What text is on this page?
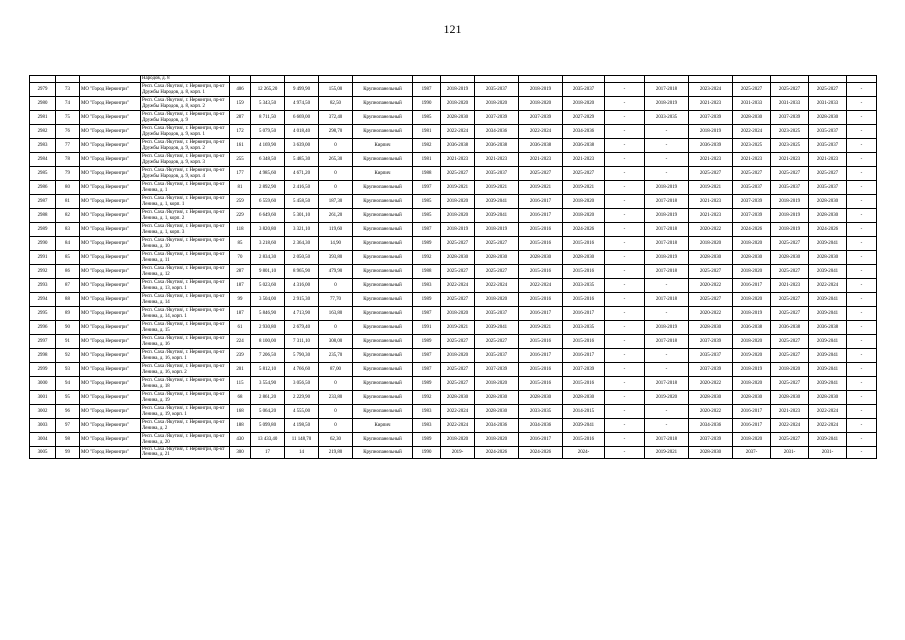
121
			Народов, д. 8																	
2979	73	МО "Город Нерюнгри"	Респ. Саха /Якутия/, г. Нерюнгри, пр-кт Дружбы Народов, д. 8, корп. 1	406	12 265,20	9 499,90	155,00	Крупнопанельный	1987	2018-2019	2035-2037	2018-2019	2035-2037	-	2017-2018	2023-2024	2025-2027	2025-2027	2025-2027	-
2980	74	МО "Город Нерюнгри"	Респ. Саха /Якутия/, г. Нерюнгри, пр-кт Дружбы Народов, д. 8, корп. 2	159	5 343,50	4 974,50	82,50	Крупнопанельный	1990	2018-2020	2018-2020	2018-2020	2018-2020	-	2018-2019	2021-2023	2031-2033	2031-2033	2031-2033	-
2981	75	МО "Город Нерюнгри"	Респ. Саха /Якутия/, г. Нерюнгри, пр-кт Дружбы Народов, д. 9	287	8 711,50	6 669,00	372,40	Крупнопанельный	1985	2028-2030	2037-2039	2037-2039	2027-2029	-	2033-2035	2037-2039	2028-2030	2037-2039	2028-2030	-
2982	76	МО "Город Нерюнгри"	Респ. Саха /Якутия/, г. Нерюнгри, пр-кт Дружбы Народов, д. 9, корп. 1	172	5 079,50	4 018,40	298,70	Крупнопанельный	1981	2022-2024	2034-2036	2022-2024	2034-2036	-	-	2018-2019	2022-2024	2023-2025	2035-2037	-
2983	77	МО "Город Нерюнгри"	Респ. Саха /Якутия/, г. Нерюнгри, пр-кт Дружбы Народов, д. 9, корп. 2	161	4 169,90	3 639,00	0	Кирпич	1982	2036-2038	2036-2038	2036-2038	2036-2038	-	-	2036-2039	2023-2025	2023-2025	2035-2037	-
2984	78	МО "Город Нерюнгри"	Респ. Саха /Якутия/, г. Нерюнгри, пр-кт Дружбы Народов, д. 9, корп. 3	255	6 348,50	5 485,30	265,30	Крупнопанельный	1981	2021-2023	2021-2023	2021-2023	2021-2023	-	-	2021-2023	2021-2023	2021-2023	2021-2023	-
2985	79	МО "Город Нерюнгри"	Респ. Саха /Якутия/, г. Нерюнгри, пр-кт Дружбы Народов, д. 9, корп. 4	177	4 985,60	4 671,20	0	Кирпич	1988	2025-2027	2035-2037	2025-2027	2025-2027	-	-	2025-2027	2025-2027	2025-2027	2025-2027	-
2986	80	МО "Город Нерюнгри"	Респ. Саха /Якутия/, г. Нерюнгри, пр-кт Ленина, д. 1	81	2 892,90	2 416,50	0	Крупнопанельный	1997	2019-2021	2019-2021	2019-2021	2019-2021	-	2018-2019	2019-2021	2035-2037	2035-2037	2035-2037	-
2987	81	МО "Город Нерюнгри"	Респ. Саха /Якутия/, г. Нерюнгри, пр-кт Ленина, д. 1, корп. 1	259	6 559,60	5 458,50	187,30	Крупнопанельный	1985	2018-2020	2039-2041	2016-2017	2018-2020	-	2017-2018	2021-2023	2037-2039	2018-2019	2028-2030	-
2988	82	МО "Город Нерюнгри"	Респ. Саха /Якутия/, г. Нерюнгри, пр-кт Ленина, д. 1, корп. 2	229	6 649,60	5 301,10	261,20	Крупнопанельный	1985	2018-2020	2039-2041	2016-2017	2018-2020	-	2018-2019	2021-2023	2037-2039	2018-2019	2028-2030	-
2989	83	МО "Город Нерюнгри"	Респ. Саха /Якутия/, г. Нерюнгри, пр-кт Ленина, д. 1, корп. 3	118	3 820,80	3 321,10	119,60	Крупнопанельный	1987	2018-2019	2018-2019	2015-2016	2024-2026	-	2017-2018	2020-2022	2024-2026	2018-2019	2024-2026	-
2990	84	МО "Город Нерюнгри"	Респ. Саха /Якутия/, г. Нерюнгри, пр-кт Ленина, д. 10	85	3 218,60	2 364,30	14,90	Крупнопанельный	1989	2025-2027	2025-2027	2015-2016	2015-2016	-	2017-2018	2018-2020	2018-2020	2025-2027	2039-2041	-
2991	85	МО "Город Нерюнгри"	Респ. Саха /Якутия/, г. Нерюнгри, пр-кт Ленина, д. 11	70	2 834,30	2 050,50	393,80	Крупнопанельный	1992	2028-2030	2028-2030	2028-2030	2028-2030	-	2018-2019	2028-2030	2028-2030	2028-2030	2028-2030	-
2992	86	МО "Город Нерюнгри"	Респ. Саха /Якутия/, г. Нерюнгри, пр-кт Ленина, д. 12	287	9 801,10	8 965,90	479,90	Крупнопанельный	1988	2025-2027	2025-2027	2015-2016	2015-2016	-	2017-2018	2025-2027	2018-2020	2025-2027	2039-2041	-
2993	87	МО "Город Нерюнгри"	Респ. Саха /Якутия/, г. Нерюнгри, пр-кт Ленина, д. 13, корп. 1	187	5 023,60	4 316,00	0	Крупнопанельный	1983	2022-2024	2022-2024	2022-2024	2033-2035	-	-	2020-2022	2016-2017	2021-2023	2022-2024	-
2994	88	МО "Город Нерюнгри"	Респ. Саха /Якутия/, г. Нерюнгри, пр-кт Ленина, д. 14	99	3 504,00	2 915,30	77,70	Крупнопанельный	1989	2025-2027	2018-2020	2015-2016	2015-2016	-	2017-2018	2025-2027	2018-2020	2025-2027	2039-2041	-
2995	89	МО "Город Нерюнгри"	Респ. Саха /Якутия/, г. Нерюнгри, пр-кт Ленина, д. 14, корп. 1	187	5 846,90	4 713,90	163,80	Крупнопанельный	1987	2018-2020	2035-2037	2016-2017	2016-2017	-	-	2020-2022	2018-2019	2025-2027	2039-2041	-
2996	90	МО "Город Нерюнгри"	Респ. Саха /Якутия/, г. Нерюнгри, пр-кт Ленина, д. 15	61	2 930,80	2 679,40	0	Крупнопанельный	1991	2019-2021	2039-2041	2019-2021	2033-2035	-	2018-2019	2028-2030	2036-2038	2036-2038	2036-2038	-
2997	91	МО "Город Нерюнгри"	Респ. Саха /Якутия/, г. Нерюнгри, пр-кт Ленина, д. 16	224	8 100,00	7 311,10	308,00	Крупнопанельный	1989	2025-2027	2025-2027	2015-2016	2015-2016	-	2017-2018	2037-2039	2018-2020	2025-2027	2039-2041	-
2998	92	МО "Город Нерюнгри"	Респ. Саха /Якутия/, г. Нерюнгри, пр-кт Ленина, д. 16, корп. 1	239	7 206,50	5 790,30	235,70	Крупнопанельный	1987	2018-2020	2035-2037	2016-2017	2016-2017	-	-	2035-2037	2019-2020	2025-2027	2039-2041	-
2999	93	МО "Город Нерюнгри"	Респ. Саха /Якутия/, г. Нерюнгри, пр-кт Ленина, д. 16, корп. 2	201	5 812,10	4 766,60	87,00	Крупнопанельный	1987	2025-2027	2037-2039	2015-2016	2037-2039	-	-	2037-2039	2018-2019	2018-2020	2039-2041	-
3000	94	МО "Город Нерюнгри"	Респ. Саха /Якутия/, г. Нерюнгри, пр-кт Ленина, д. 18	115	3 554,90	3 056,50	0	Крупнопанельный	1989	2025-2027	2018-2020	2015-2016	2015-2016	-	2017-2018	2020-2022	2018-2020	2025-2027	2039-2041	-
3001	95	МО "Город Нерюнгри"	Респ. Саха /Якутия/, г. Нерюнгри, пр-кт Ленина, д. 19	68	2 861,20	2 229,90	233,80	Крупнопанельный	1992	2028-2030	2028-2030	2028-2030	2028-2030	-	2019-2020	2028-2030	2028-2030	2028-2030	2028-2030	-
3002	96	МО "Город Нерюнгри"	Респ. Саха /Якутия/, г. Нерюнгри, пр-кт Ленина, д. 19, корп. 1	168	5 064,20	4 555,00	0	Крупнопанельный	1983	2022-2024	2028-2030	2033-2035	2014-2015	-	-	2020-2022	2016-2017	2021-2023	2022-2024	-
3003	97	МО "Город Нерюнгри"	Респ. Саха /Якутия/, г. Нерюнгри, пр-кт Ленина, д. 2	188	5 099,80	4 198,50	0	Кирпич	1983	2022-2024	2034-2036	2034-2036	2039-2041	-	-	2034-2036	2016-2017	2022-2024	2022-2024	-
3004	98	МО "Город Нерюнгри"	Респ. Саха /Якутия/, г. Нерюнгри, пр-кт Ленина, д. 20	430	13 433,40	11 148,70	62,30	Крупнопанельный	1989	2018-2020	2018-2020	2016-2017	2015-2016	-	2017-2018	2037-2039	2018-2020	2025-2027	2039-2041	-
3005	99	МО "Город Нерюнгри"	Респ. Саха /Якутия/, г. Нерюнгри, пр-кт Ленина, д. 21	300	17	14	219,80	Крупнопанельный	1990	2019-	2024-2026	2024-2026	2024-	-	2019-2021	2028-2030	2037-	2031-	2031-	-
